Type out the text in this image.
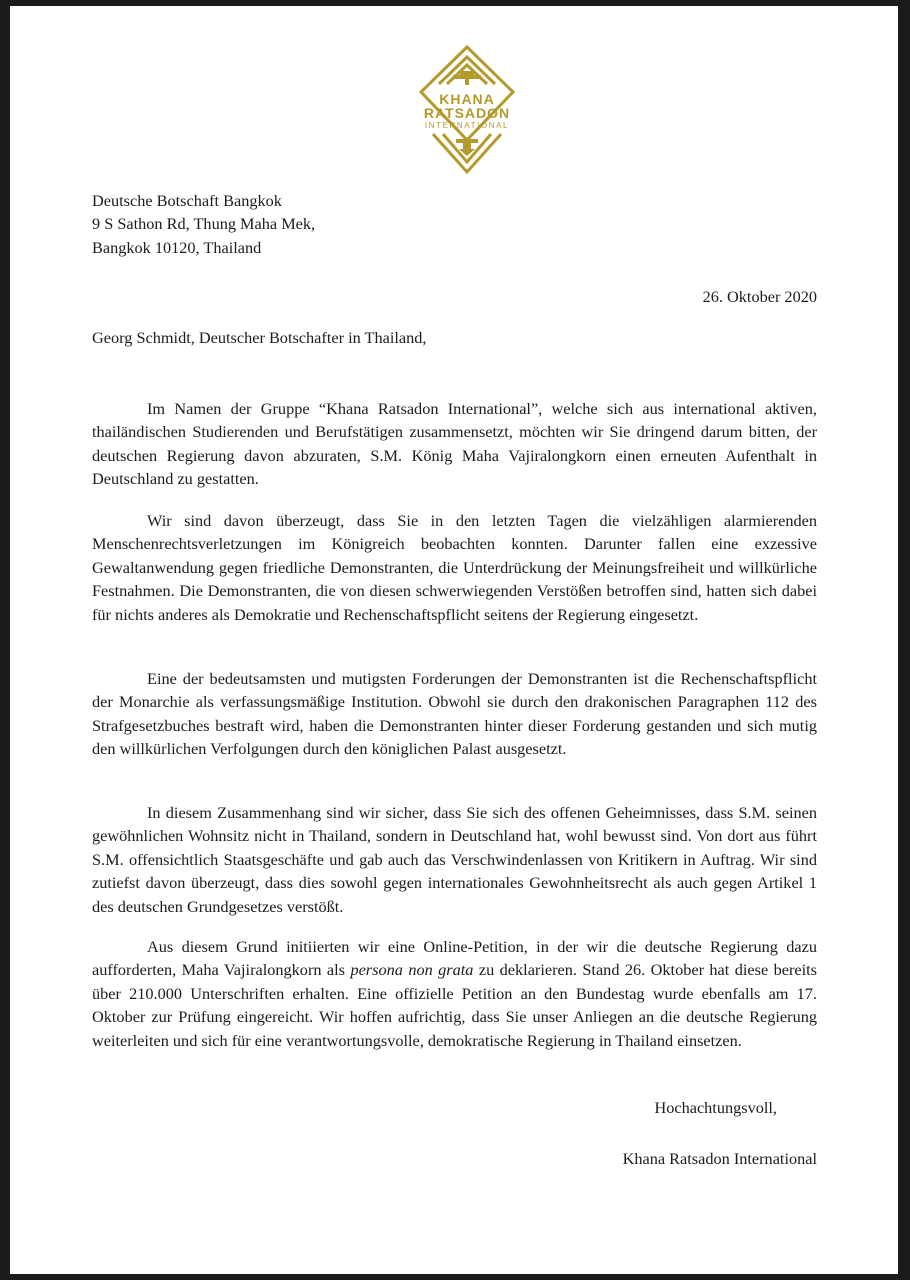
KHANA
RATSADON
INTERNATIONAL
Deutsche Botschaft Bangkok
9 S Sathon Rd, Thung Maha Mek,
Bangkok 10120, Thailand
26. Oktober 2020
Georg Schmidt, Deutscher Botschafter in Thailand,

Im Namen der Gruppe “Khana Ratsadon International”, welche sich aus international aktiven, thailändischen Studierenden und Berufstätigen zusammensetzt, möchten wir Sie dringend darum bitten, der deutschen Regierung davon abzuraten, S.M. König Maha Vajiralongkorn einen erneuten Aufenthalt in Deutschland zu gestatten.

Wir sind davon überzeugt, dass Sie in den letzten Tagen die vielzähligen alarmierenden Menschenrechtsverletzungen im Königreich beobachten konnten. Darunter fallen eine exzessive Gewaltanwendung gegen friedliche Demonstranten, die Unterdrückung der Meinungsfreiheit und willkürliche Festnahmen. Die Demonstranten, die von diesen schwerwiegenden Verstößen betroffen sind, hatten sich dabei für nichts anderes als Demokratie und Rechenschaftspflicht seitens der Regierung eingesetzt.

Eine der bedeutsamsten und mutigsten Forderungen der Demonstranten ist die Rechenschaftspflicht der Monarchie als verfassungsmäßige Institution. Obwohl sie durch den drakonischen Paragraphen 112 des Strafgesetzbuches bestraft wird, haben die Demonstranten hinter dieser Forderung gestanden und sich mutig den willkürlichen Verfolgungen durch den königlichen Palast ausgesetzt.

In diesem Zusammenhang sind wir sicher, dass Sie sich des offenen Geheimnisses, dass S.M. seinen gewöhnlichen Wohnsitz nicht in Thailand, sondern in Deutschland hat, wohl bewusst sind. Von dort aus führt S.M. offensichtlich Staatsgeschäfte und gab auch das Verschwindenlassen von Kritikern in Auftrag. Wir sind zutiefst davon überzeugt, dass dies sowohl gegen internationales Gewohnheitsrecht als auch gegen Artikel 1 des deutschen Grundgesetzes verstößt.

Aus diesem Grund initiierten wir eine Online-Petition, in der wir die deutsche Regierung dazu aufforderten, Maha Vajiralongkorn als persona non grata zu deklarieren. Stand 26. Oktober hat diese bereits über 210.000 Unterschriften erhalten. Eine offizielle Petition an den Bundestag wurde ebenfalls am 17. Oktober zur Prüfung eingereicht. Wir hoffen aufrichtig, dass Sie unser Anliegen an die deutsche Regierung weiterleiten und sich für eine verantwortungsvolle, demokratische Regierung in Thailand einsetzen.

Hochachtungsvoll,
Khana Ratsadon International
